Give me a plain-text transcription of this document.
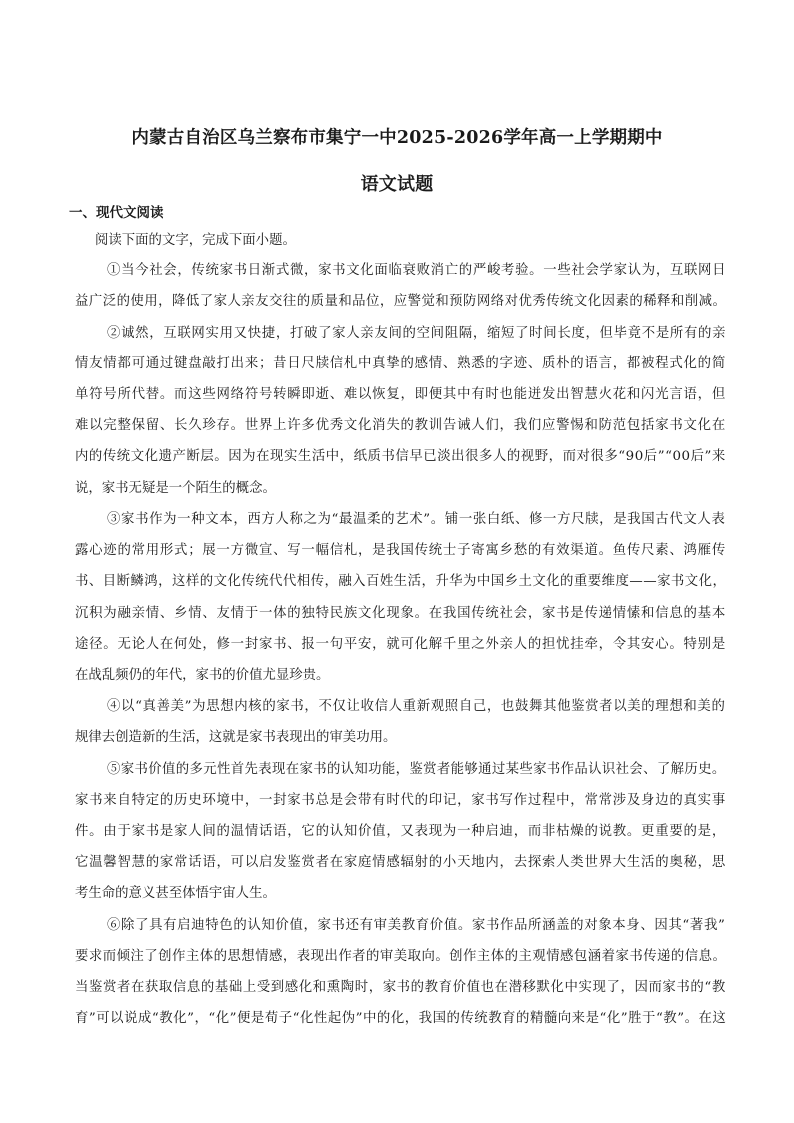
内蒙古自治区乌兰察布市集宁一中2025-2026学年高一上学期期中
语文试题
一、现代文阅读
阅读下面的文字，完成下面小题。
①当今社会，传统家书日渐式微，家书文化面临衰败消亡的严峻考验。一些社会学家认为，互联网日
益广泛的使用，降低了家人亲友交往的质量和品位，应警觉和预防网络对优秀传统文化因素的稀释和削减。
②诚然，互联网实用又快捷，打破了家人亲友间的空间阻隔，缩短了时间长度，但毕竟不是所有的亲
情友情都可通过键盘敲打出来；昔日尺牍信札中真挚的感情、熟悉的字迹、质朴的语言，都被程式化的简
单符号所代替。而这些网络符号转瞬即逝、难以恢复，即便其中有时也能迸发出智慧火花和闪光言语，但
难以完整保留、长久珍存。世界上许多优秀文化消失的教训告诫人们，我们应警惕和防范包括家书文化在
内的传统文化遗产断层。因为在现实生活中，纸质书信早已淡出很多人的视野，而对很多“90后”“00后”来
说，家书无疑是一个陌生的概念。
③家书作为一种文本，西方人称之为“最温柔的艺术”。铺一张白纸、修一方尺牍，是我国古代文人表
露心迹的常用形式；展一方微宣、写一幅信札，是我国传统士子寄寓乡愁的有效渠道。鱼传尺素、鸿雁传
书、目断鳞鸿，这样的文化传统代代相传，融入百姓生活，升华为中国乡土文化的重要维度——家书文化，
沉积为融亲情、乡情、友情于一体的独特民族文化现象。在我国传统社会，家书是传递情愫和信息的基本
途径。无论人在何处，修一封家书、报一句平安，就可化解千里之外亲人的担忧挂牵，令其安心。特别是
在战乱频仍的年代，家书的价值尤显珍贵。
④以“真善美”为思想内核的家书，不仅让收信人重新观照自己，也鼓舞其他鉴赏者以美的理想和美的
规律去创造新的生活，这就是家书表现出的审美功用。
⑤家书价值的多元性首先表现在家书的认知功能，鉴赏者能够通过某些家书作品认识社会、了解历史。
家书来自特定的历史环境中，一封家书总是会带有时代的印记，家书写作过程中，常常涉及身边的真实事
件。由于家书是家人间的温情话语，它的认知价值，又表现为一种启迪，而非枯燥的说教。更重要的是，
它温馨智慧的家常话语，可以启发鉴赏者在家庭情感辐射的小天地内，去探索人类世界大生活的奥秘，思
考生命的意义甚至体悟宇宙人生。
⑥除了具有启迪特色的认知价值，家书还有审美教育价值。家书作品所涵盖的对象本身、因其“著我”
要求而倾注了创作主体的思想情感，表现出作者的审美取向。创作主体的主观情感包涵着家书传递的信息。
当鉴赏者在获取信息的基础上受到感化和熏陶时，家书的教育价值也在潜移默化中实现了，因而家书的“教
育”可以说成“教化”，“化”便是荀子“化性起伪”中的化，我国的传统教育的精髓向来是“化”胜于“教”。在这
